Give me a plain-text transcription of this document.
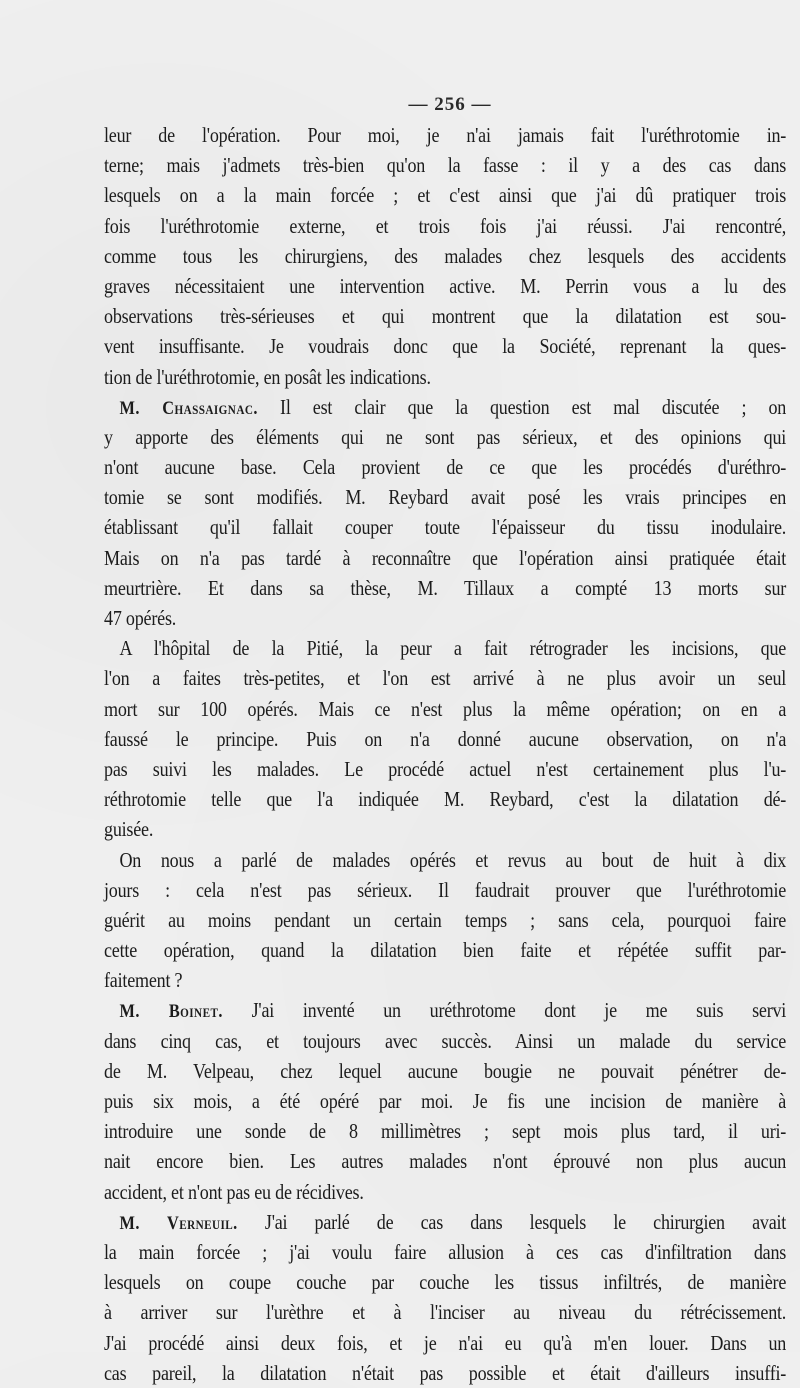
— 256 —
leur de l'opération. Pour moi, je n'ai jamais fait l'uréthrotomie in-
terne; mais j'admets très-bien qu'on la fasse : il y a des cas dans
lesquels on a la main forcée ; et c'est ainsi que j'ai dû pratiquer trois
fois l'uréthrotomie externe, et trois fois j'ai réussi. J'ai rencontré,
comme tous les chirurgiens, des malades chez lesquels des accidents
graves nécessitaient une intervention active. M. Perrin vous a lu des
observations très-sérieuses et qui montrent que la dilatation est sou-
vent insuffisante. Je voudrais donc que la Société, reprenant la ques-
tion de l'uréthrotomie, en posât les indications.
M. Chassaignac. Il est clair que la question est mal discutée ; on
y apporte des éléments qui ne sont pas sérieux, et des opinions qui
n'ont aucune base. Cela provient de ce que les procédés d'uréthro-
tomie se sont modifiés. M. Reybard avait posé les vrais principes en
établissant qu'il fallait couper toute l'épaisseur du tissu inodulaire.
Mais on n'a pas tardé à reconnaître que l'opération ainsi pratiquée était
meurtrière. Et dans sa thèse, M. Tillaux a compté 13 morts sur
47 opérés.
A l'hôpital de la Pitié, la peur a fait rétrograder les incisions, que
l'on a faites très-petites, et l'on est arrivé à ne plus avoir un seul
mort sur 100 opérés. Mais ce n'est plus la même opération; on en a
faussé le principe. Puis on n'a donné aucune observation, on n'a
pas suivi les malades. Le procédé actuel n'est certainement plus l'u-
réthrotomie telle que l'a indiquée M. Reybard, c'est la dilatation dé-
guisée.
On nous a parlé de malades opérés et revus au bout de huit à dix
jours : cela n'est pas sérieux. Il faudrait prouver que l'uréthrotomie
guérit au moins pendant un certain temps ; sans cela, pourquoi faire
cette opération, quand la dilatation bien faite et répétée suffit par-
faitement ?
M. Boinet. J'ai inventé un uréthrotome dont je me suis servi
dans cinq cas, et toujours avec succès. Ainsi un malade du service
de M. Velpeau, chez lequel aucune bougie ne pouvait pénétrer de-
puis six mois, a été opéré par moi. Je fis une incision de manière à
introduire une sonde de 8 millimètres ; sept mois plus tard, il uri-
nait encore bien. Les autres malades n'ont éprouvé non plus aucun
accident, et n'ont pas eu de récidives.
M. Verneuil. J'ai parlé de cas dans lesquels le chirurgien avait
la main forcée ; j'ai voulu faire allusion à ces cas d'infiltration dans
lesquels on coupe couche par couche les tissus infiltrés, de manière
à arriver sur l'urèthre et à l'inciser au niveau du rétrécissement.
J'ai procédé ainsi deux fois, et je n'ai eu qu'à m'en louer. Dans un
cas pareil, la dilatation n'était pas possible et était d'ailleurs insuffi-
